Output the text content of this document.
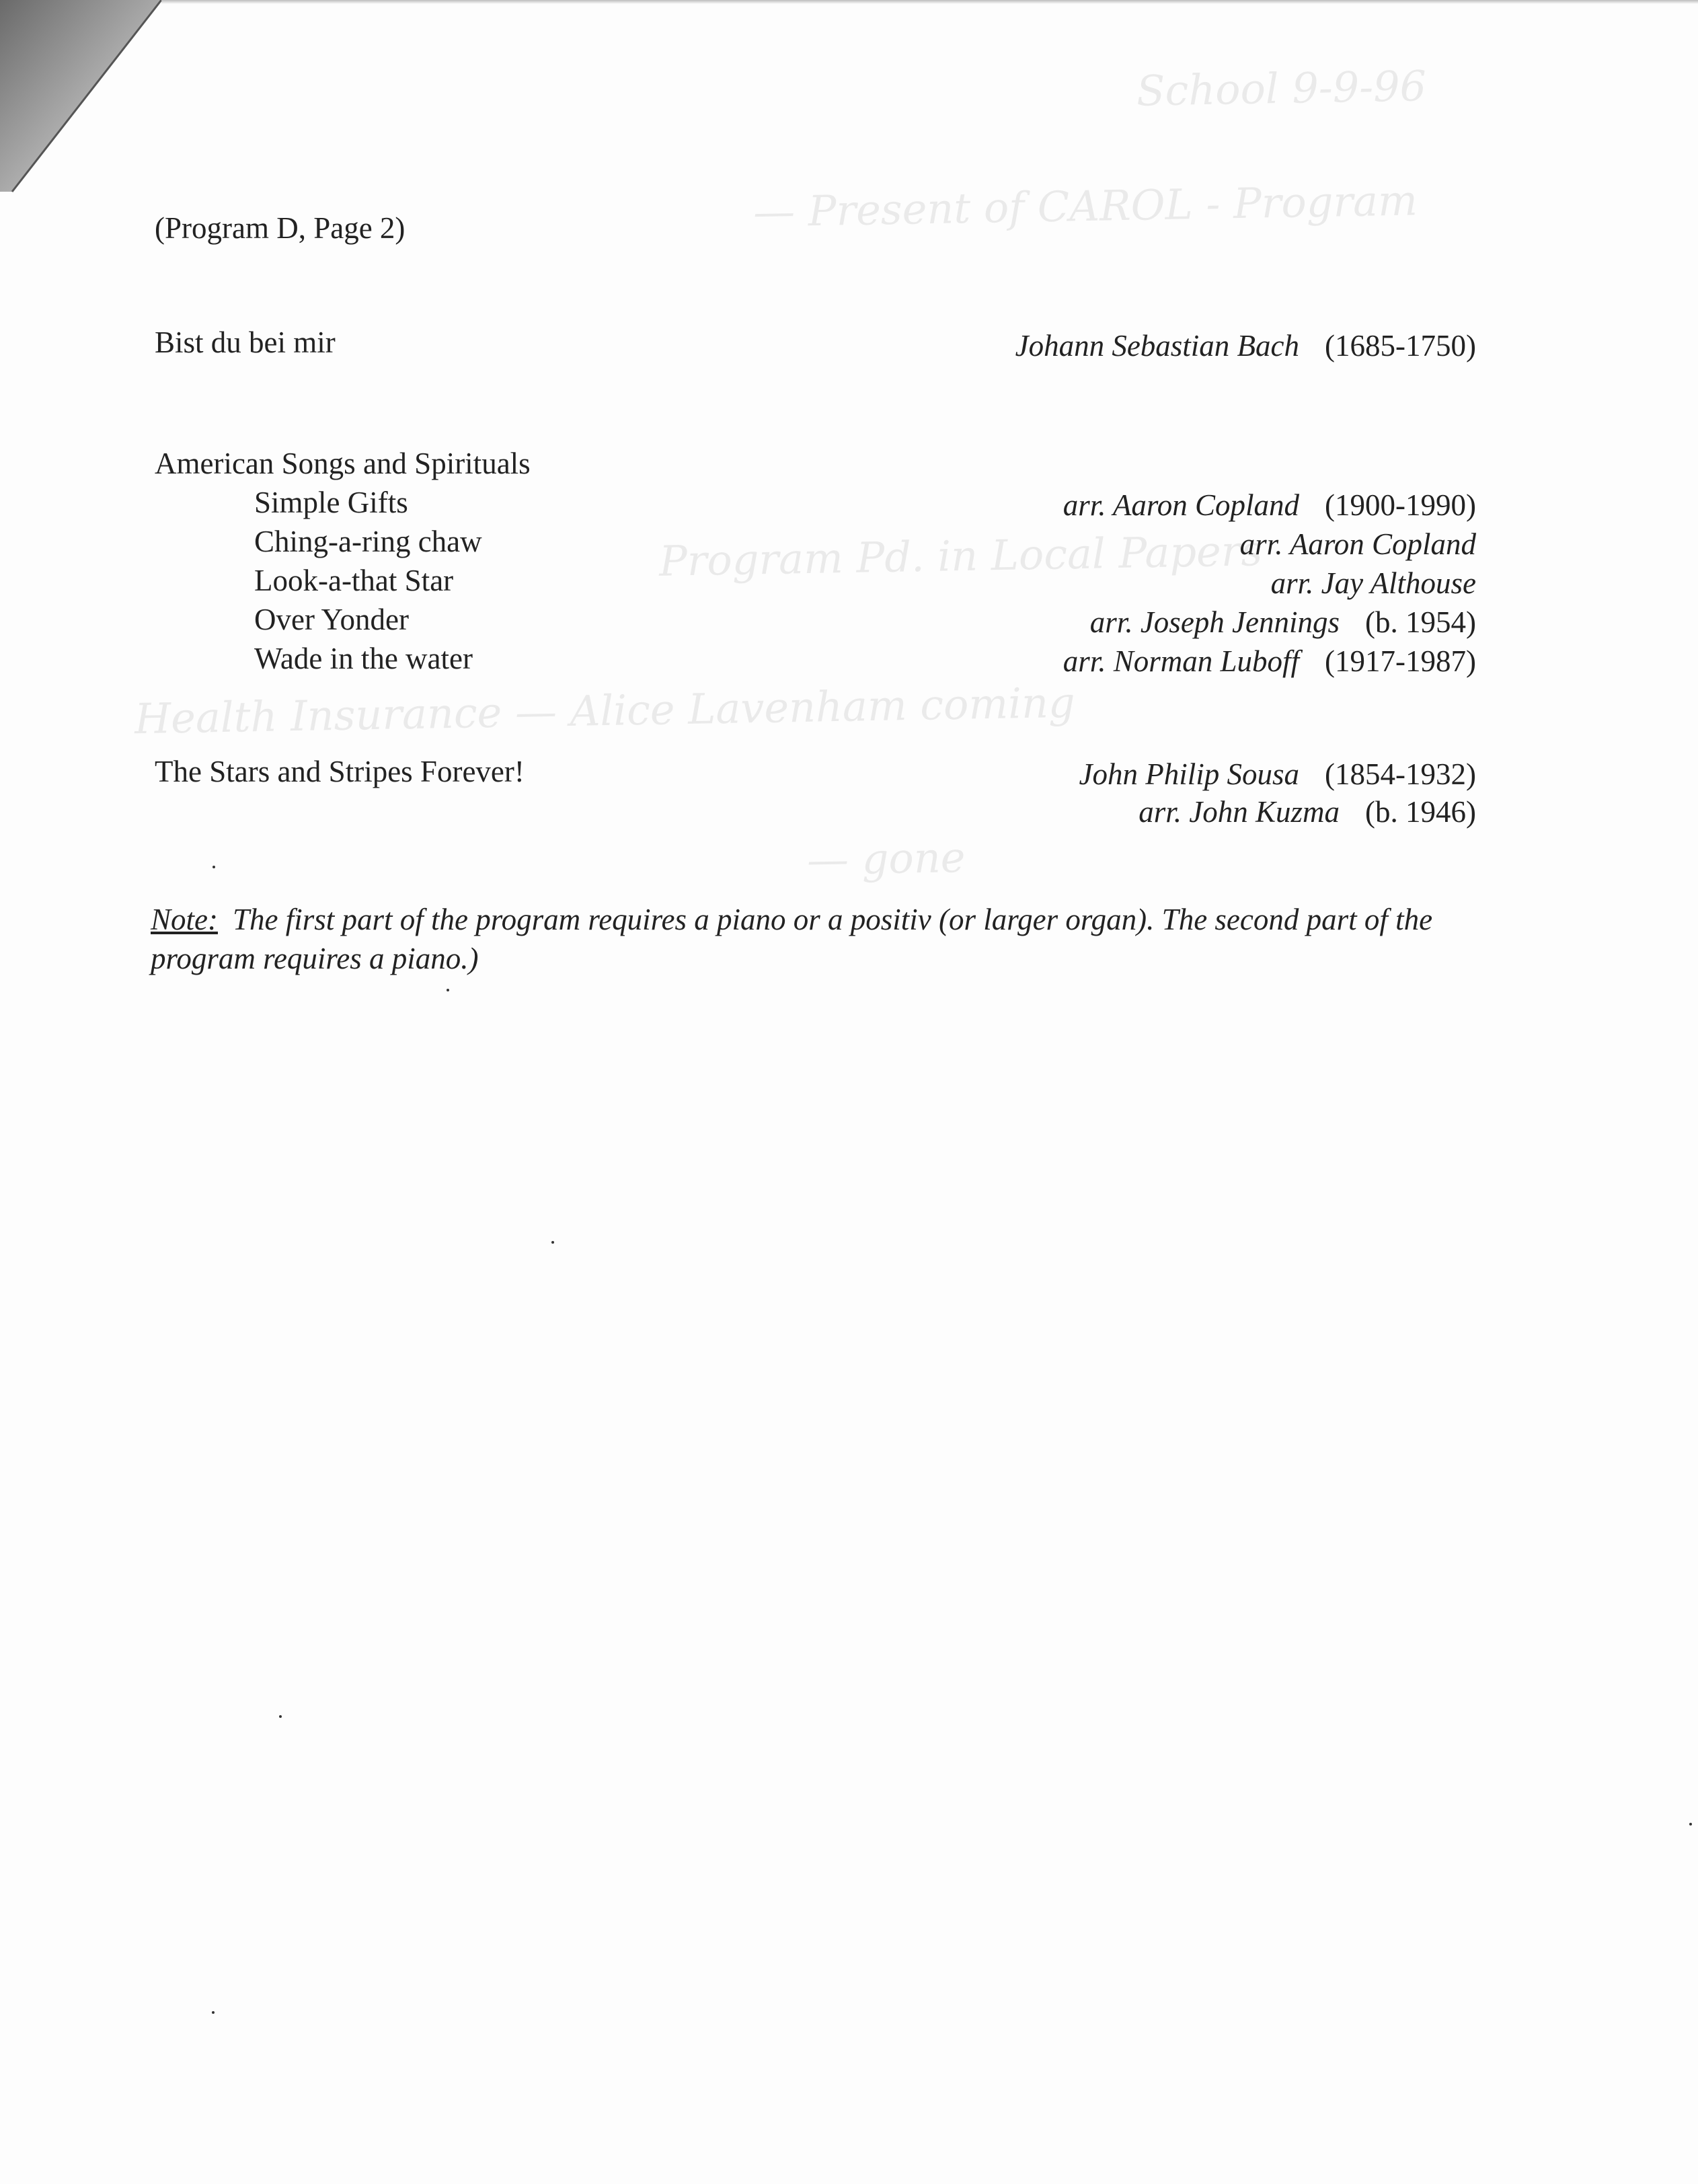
School 9-9-96
— Present of CAROL - Program
Program Pd. in Local Papers
Health Insurance — Alice Lavenham coming
— gone
(Program D, Page 2)
Bist du bei mir	Johann Sebastian Bach (1685-1750)
American Songs and Spirituals
Simple Gifts	arr. Aaron Copland (1900-1990)
Ching-a-ring chaw	arr. Aaron Copland
Look-a-that Star	arr. Jay Althouse
Over Yonder	arr. Joseph Jennings (b. 1954)
Wade in the water	arr. Norman Luboff (1917-1987)
The Stars and Stripes Forever!	John Philip Sousa (1854-1932)
arr. John Kuzma (b. 1946)
Note: The first part of the program requires a piano or a positiv (or larger organ). The second part of the program requires a piano.)
